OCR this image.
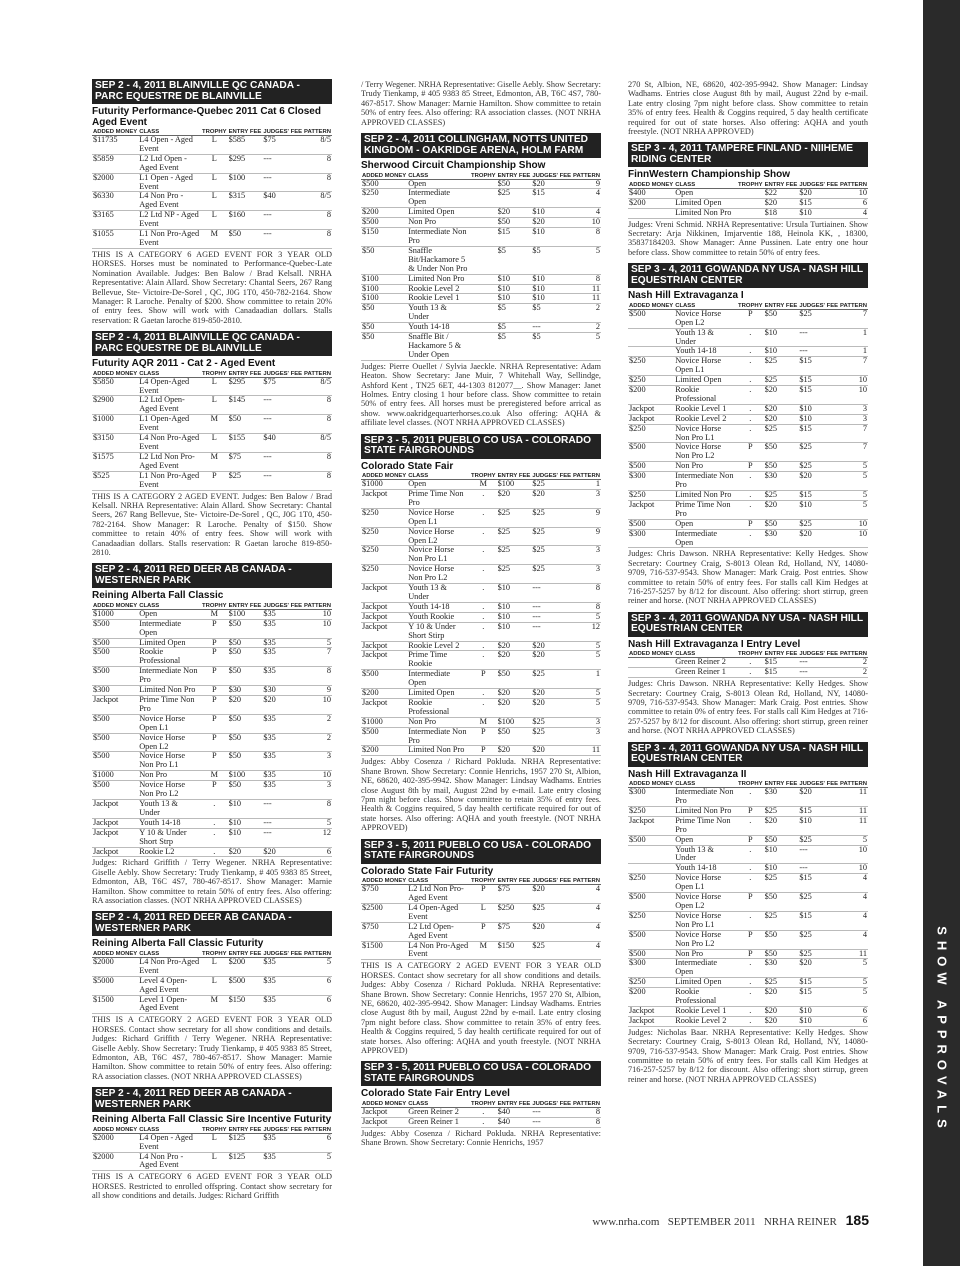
SEP 2 - 4, 2011 BLAINVILLE QC CANADA - PARC EQUESTRE DE BLAINVILLE
Futurity Performance-Quebec 2011 Cat 6 Closed Aged Event
ADDED MONEY	CLASS	TROPHY	ENTRY FEE	JUDGES' FEE	PATTERN
$11735	L4 Open - Aged Event	L	$585	$75	8/5
$5859	L2 Ltd Open - Aged Event	L	$295	---	8
$2000	L1 Open - Aged Event	L	$100	---	8
$6330	L4 Non Pro - Aged Event	L	$315	$40	8/5
$3165	L2 Ltd NP - Aged Event	L	$160	---	8
$1055	L1 Non Pro-Aged Event	M	$50	---	8
THIS IS A CATEGORY 6 AGED EVENT FOR 3 YEAR OLD HORSES. Horses must be nominated to Performance-Quebec-Late Nomination Available. Judges: Ben Balow / Brad Kelsall. NRHA Representative: Alain Allard. Show Secretary: Chantal Seers, 267 Rang Bellevue, Ste- Victoire-De-Sorel , QC, J0G 1T0, 450-782-2164. Show Manager: R Laroche. Penalty of $200. Show committee to retain 20% of entry fees. Show will work with Canadaadian dollars. Stalls reservation: R Gaetan laroche 819-850-2810.
SEP 2 - 4, 2011 BLAINVILLE QC CANADA - PARC EQUESTRE DE BLAINVILLE
Futurity AQR 2011 - Cat 2 - Aged Event
ADDED MONEY	CLASS	TROPHY	ENTRY FEE	JUDGES' FEE	PATTERN
$5850	L4 Open-Aged Event	L	$295	$75	8/5
$2900	L2 Ltd Open-Aged Event	L	$145	---	8
$1000	L1 Open-Aged Event	M	$50	---	8
$3150	L4 Non Pro-Aged Event	L	$155	$40	8/5
$1575	L2 Ltd Non Pro-Aged Event	M	$75	---	8
$525	L1 Non Pro-Aged Event	P	$25	---	8
THIS IS A CATEGORY 2 AGED EVENT. Judges: Ben Balow / Brad Kelsall. NRHA Representative: Alain Allard. Show Secretary: Chantal Seers, 267 Rang Bellevue, Ste- Victoire-De-Sorel , QC, J0G 1T0, 450-782-2164. Show Manager: R Laroche. Penalty of $150. Show committee to retain 40% of entry fees. Show will work with Canadaadian dollars. Stalls reservation: R Gaetan laroche 819-850-2810.
SEP 2 - 4, 2011 RED DEER AB CANADA - WESTERNER PARK
Reining Alberta Fall Classic
ADDED MONEY	CLASS	TROPHY	ENTRY FEE	JUDGES' FEE	PATTERN
$1000	Open	M	$100	$35	10
$500	Intermediate Open	P	$50	$35	10
$500	Limited Open	P	$50	$35	5
$500	Rookie Professional	P	$50	$35	7
$500	Intermediate Non Pro	P	$50	$35	8
$300	Limited Non Pro	P	$30	$30	9
Jackpot	Prime Time Non Pro	P	$20	$20	10
$500	Novice Horse Open L1	P	$50	$35	2
$500	Novice Horse Open L2	P	$50	$35	2
$500	Novice Horse Non Pro L1	P	$50	$35	3
$1000	Non Pro	M	$100	$35	10
$500	Novice Horse Non Pro L2	P	$50	$35	3
Jackpot	Youth 13 & Under	.	$10	---	8
Jackpot	Youth 14-18	.	$10	---	5
Jackpot	Y 10 & Under Short Strp	.	$10	---	12
Jackpot	Rookie L2	.	$20	$20	6
Judges: Richard Griffith / Terry Wegener. NRHA Representative: Giselle Aebly. Show Secretary: Trudy Tienkamp, # 405 9383 85 Street, Edmonton, AB, T6C 4S7, 780-467-8517. Show Manager: Marnie Hamilton. Show committee to retain 50% of entry fees. Also offering: RA association classes. (NOT NRHA APPROVED CLASSES)
SEP 2 - 4, 2011 RED DEER AB CANADA - WESTERNER PARK
Reining Alberta Fall Classic Futurity
ADDED MONEY	CLASS	TROPHY	ENTRY FEE	JUDGES' FEE	PATTERN
$2000	L4 Non Pro-Aged Event	L	$200	$35	5
$5000	Level 4 Open-Aged Event	L	$500	$35	6
$1500	Level 1 Open-Aged Event	M	$150	$35	6
THIS IS A CATEGORY 2 AGED EVENT FOR 3 YEAR OLD HORSES. Contact show secretary for all show conditions and details. Judges: Richard Griffith / Terry Wegener. NRHA Representative: Giselle Aebly. Show Secretary: Trudy Tienkamp, # 405 9383 85 Street, Edmonton, AB, T6C 4S7, 780-467-8517. Show Manager: Marnie Hamilton. Show committee to retain 50% of entry fees. Also offering: RA association classes. (NOT NRHA APPROVED CLASSES)
SEP 2 - 4, 2011 RED DEER AB CANADA - WESTERNER PARK
Reining Alberta Fall Classic Sire Incentive Futurity
ADDED MONEY	CLASS	TROPHY	ENTRY FEE	JUDGES' FEE	PATTERN
$2000	L4 Open - Aged Event	L	$125	$35	6
$2000	L4 Non Pro - Aged Event	L	$125	$35	5
THIS IS A CATEGORY 6 AGED EVENT FOR 3 YEAR OLD HORSES. Restricted to enrolled offspring. Contact show secretary for all show conditions and details. Judges: Richard Griffith
/ Terry Wegener. NRHA Representative: Giselle Aebly. Show Secretary: Trudy Tienkamp, # 405 9383 85 Street, Edmonton, AB, T6C 4S7, 780-467-8517. Show Manager: Marnie Hamilton. Show committee to retain 50% of entry fees. Also offering: RA association classes. (NOT NRHA APPROVED CLASSES)
SEP 2 - 4, 2011 COLLINGHAM, NOTTS UNITED KINGDOM - OAKRIDGE ARENA, HOLM FARM
Sherwood Circuit Championship Show
ADDED MONEY	CLASS	TROPHY	ENTRY FEE	JUDGES' FEE	PATTERN
$500	Open		$50	$20	9
$250	Intermediate Open		$25	$15	4
$200	Limited Open		$20	$10	4
$500	Non Pro		$50	$20	10
$150	Intermediate Non Pro		$15	$10	8
$50	Snaffle Bit/Hackamore 5 & Under Non Pro		$5	$5	5
$100	Limited Non Pro		$10	$10	8
$100	Rookie Level 2		$10	$10	11
$100	Rookie Level 1		$10	$10	11
$50	Youth 13 & Under		$5	$5	2
$50	Youth 14-18		$5	---	2
$50	Snaffle Bit / Hackamore 5 & Under Open		$5	$5	5
Judges: Pierre Ouellet / Sylvia Jaeckle. NRHA Representative: Adam Heaton. Show Secretary: Jane Muir, 7 Whitehall Way, Sellindge, Ashford Kent , TN25 6ET, 44-1303 812077__. Show Manager: Janet Holmes. Entry closing 1 hour before class. Show committee to retain 50% of entry fees. All horses must be preregistered before arrical as show. www.oakridgequarterhorses.co.uk Also offering: AQHA & affiliate level classes. (NOT NRHA APPROVED CLASSES)
SEP 3 - 5, 2011 PUEBLO CO USA - COLORADO STATE FAIRGROUNDS
Colorado State Fair
ADDED MONEY	CLASS	TROPHY	ENTRY FEE	JUDGES' FEE	PATTERN
$1000	Open	M	$100	$25	1
Jackpot	Prime Time Non Pro	.	$20	$20	3
$250	Novice Horse Open L1	.	$25	$25	9
$250	Novice Horse Open L2	.	$25	$25	9
$250	Novice Horse Non Pro L1	.	$25	$25	3
$250	Novice Horse Non Pro L2	.	$25	$25	3
Jackpot	Youth 13 & Under	.	$10	---	8
Jackpot	Youth 14-18	.	$10	---	8
Jackpot	Youth Rookie	.	$10	---	5
Jackpot	Y 10 & Under Short Stirp	.	$10	---	12
Jackpot	Rookie Level 2	.	$20	$20	5
Jackpot	Prime Time Rookie	.	$20	$20	5
$500	Intermediate Open	P	$50	$25	1
$200	Limited Open	.	$20	$20	5
Jackpot	Rookie Professional	.	$20	$20	5
$1000	Non Pro	M	$100	$25	3
$500	Intermediate Non Pro	P	$50	$25	3
$200	Limited Non Pro	P	$20	$20	11
Judges: Abby Cosenza / Richard Pokluda. NRHA Representative: Shane Brown. Show Secretary: Connie Henrichs, 1957 270 St, Albion, NE, 68620, 402-395-9942. Show Manager: Lindsay Wadhams. Entries close August 8th by mail, August 22nd by e-mail. Late entry closing 7pm night before class. Show committee to retain 35% of entry fees. Health & Coggins required, 5 day health certificate required for out of state horses. Also offering: AQHA and youth freestyle. (NOT NRHA APPROVED)
SEP 3 - 5, 2011 PUEBLO CO USA - COLORADO STATE FAIRGROUNDS
Colorado State Fair Futurity
ADDED MONEY	CLASS	TROPHY	ENTRY FEE	JUDGES' FEE	PATTERN
$750	L2 Ltd Non Pro-Aged Event	P	$75	$20	4
$2500	L4 Open-Aged Event	L	$250	$25	4
$750	L2 Ltd Open-Aged Event	P	$75	$20	4
$1500	L4 Non Pro-Aged Event	M	$150	$25	4
THIS IS A CATEGORY 2 AGED EVENT FOR 3 YEAR OLD HORSES. Contact show secretary for all show conditions and details. Judges: Abby Cosenza / Richard Pokluda. NRHA Representative: Shane Brown. Show Secretary: Connie Henrichs, 1957 270 St, Albion, NE, 68620, 402-395-9942. Show Manager: Lindsay Wadhams. Entries close August 8th by mail, August 22nd by e-mail. Late entry closing 7pm night before class. Show committee to retain 35% of entry fees. Health & Coggins required, 5 day health certificate required for out of state horses. Also offering: AQHA and youth freestyle. (NOT NRHA APPROVED)
SEP 3 - 5, 2011 PUEBLO CO USA - COLORADO STATE FAIRGROUNDS
Colorado State Fair Entry Level
ADDED MONEY	CLASS	TROPHY	ENTRY FEE	JUDGES' FEE	PATTERN
Jackpot	Green Reiner 2	.	$40	---	8
Jackpot	Green Reiner 1	.	$40	---	8
Judges: Abby Cosenza / Richard Pokluda. NRHA Representative: Shane Brown. Show Secretary: Connie Henrichs, 1957
270 St, Albion, NE, 68620, 402-395-9942. Show Manager: Lindsay Wadhams. Entries close August 8th by mail, August 22nd by e-mail. Late entry closing 7pm night before class. Show committee to retain 35% of entry fees. Health & Coggins required, 5 day health certificate required for out of state horses. Also offering: AQHA and youth freestyle. (NOT NRHA APPROVED)
SEP 3 - 4, 2011 TAMPERE FINLAND - NIIHEME RIDING CENTER
FinnWestern Championship Show
ADDED MONEY	CLASS	TROPHY	ENTRY FEE	JUDGES' FEE	PATTERN
$400	Open		$22	$20	10
$200	Limited Open		$20	$15	6
	Limited Non Pro		$18	$10	4
Judges: Vreni Schmid. NRHA Representative: Ursula Turtiainen. Show Secretary: Arja Nikkinen, Imjarventie 188, Heinola KK, , 18300, 35837184203. Show Manager: Anne Pussinen. Late entry one hour before class. Show committee to retain 50% of entry fees.
SEP 3 - 4, 2011 GOWANDA NY USA - NASH HILL EQUESTRIAN CENTER
Nash Hill Extravaganza I
ADDED MONEY	CLASS	TROPHY	ENTRY FEE	JUDGES' FEE	PATTERN
$500	Novice Horse Open L2	P	$50	$25	7
	Youth 13 & Under	.	$10	---	1
	Youth 14-18	.	$10	---	1
$250	Novice Horse Open L1	.	$25	$15	7
$250	Limited Open	.	$25	$15	10
$200	Rookie Professional	.	$20	$15	10
Jackpot	Rookie Level 1	.	$20	$10	3
Jackpot	Rookie Level 2	.	$20	$10	3
$250	Novice Horse Non Pro L1	.	$25	$15	7
$500	Novice Horse Non Pro L2	P	$50	$25	7
$500	Non Pro	P	$50	$25	5
$300	Intermediate Non Pro	.	$30	$20	5
$250	Limited Non Pro	.	$25	$15	5
Jackpot	Prime Time Non Pro	.	$20	$10	5
$500	Open	P	$50	$25	10
$300	Intermediate Open	.	$30	$20	10
Judges: Chris Dawson. NRHA Representative: Kelly Hedges. Show Secretary: Courtney Craig, S-8013 Olean Rd, Holland, NY, 14080-9709, 716-537-9543. Show Manager: Mark Craig. Post entries. Show committee to retain 50% of entry fees. For stalls call Kim Hedges at 716-257-5257 by 8/12 for discount. Also offering: short stirrup, green reiner and horse. (NOT NRHA APPROVED CLASSES)
SEP 3 - 4, 2011 GOWANDA NY USA - NASH HILL EQUESTRIAN CENTER
Nash Hill Extravaganza I Entry Level
ADDED MONEY	CLASS	TROPHY	ENTRY FEE	JUDGES' FEE	PATTERN
	Green Reiner 2	.	$15	---	2
	Green Reiner 1	.	$15	---	2
Judges: Chris Dawson. NRHA Representative: Kelly Hedges. Show Secretary: Courtney Craig, S-8013 Olean Rd, Holland, NY, 14080-9709, 716-537-9543. Show Manager: Mark Craig. Post entries. Show committee to retain 0% of entry fees. For stalls call Kim Hedges at 716-257-5257 by 8/12 for discount. Also offering: short stirrup, green reiner and horse. (NOT NRHA APPROVED CLASSES)
SEP 3 - 4, 2011 GOWANDA NY USA - NASH HILL EQUESTRIAN CENTER
Nash Hill Extravaganza II
ADDED MONEY	CLASS	TROPHY	ENTRY FEE	JUDGES' FEE	PATTERN
$300	Intermediate Non Pro	.	$30	$20	11
$250	Limited Non Pro	P	$25	$15	11
Jackpot	Prime Time Non Pro	.	$20	$10	11
$500	Open	P	$50	$25	5
	Youth 13 & Under	.	$10	---	10
	Youth 14-18	.	$10	---	10
$250	Novice Horse Open L1	.	$25	$15	4
$500	Novice Horse Open L2	P	$50	$25	4
$250	Novice Horse Non Pro L1	.	$25	$15	4
$500	Novice Horse Non Pro L2	P	$50	$25	4
$500	Non Pro	P	$50	$25	11
$300	Intermediate Open	.	$30	$20	5
$250	Limited Open	.	$25	$15	5
$200	Rookie Professional	.	$20	$15	5
Jackpot	Rookie Level 1	.	$20	$10	6
Jackpot	Rookie Level 2	.	$20	$10	6
Judges: Nicholas Baar. NRHA Representative: Kelly Hedges. Show Secretary: Courtney Craig, S-8013 Olean Rd, Holland, NY, 14080-9709, 716-537-9543. Show Manager: Mark Craig. Post entries. Show committee to retain 50% of entry fees. For stalls call Kim Hedges at 716-257-5257 by 8/12 for discount. Also offering: short stirrup, green reiner and horse. (NOT NRHA APPROVED CLASSES)	SHOW APPROVALS
www.nrha.com SEPTEMBER 2011 NRHA REINER 185
